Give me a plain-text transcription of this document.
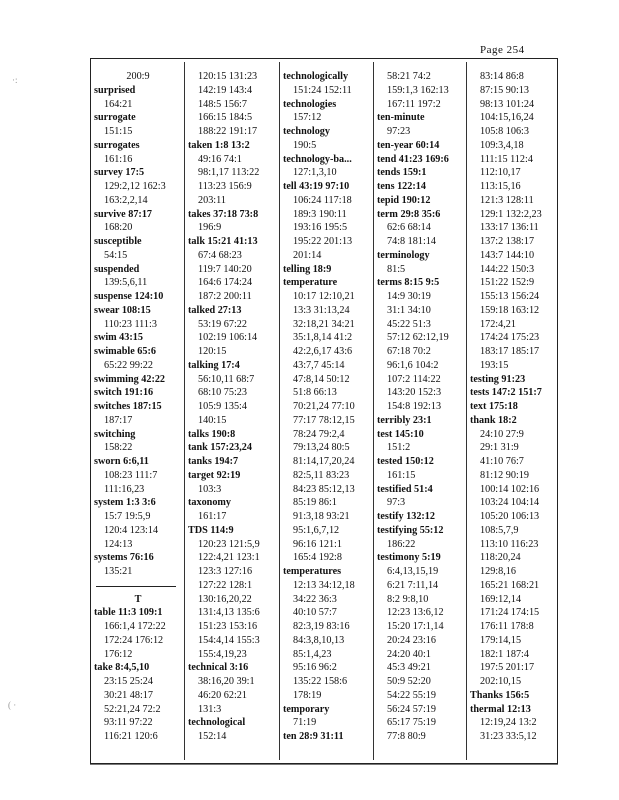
Page 254
200:9
surprised
164:21
surrogate
151:15
surrogates
161:16
survey 17:5
129:2,12 162:3
163:2,2,14
survive 87:17
168:20
susceptible
54:15
suspended
139:5,6,11
suspense 124:10
swear 108:15
110:23 111:3
swim 43:15
swimable 65:6
65:22 99:22
swimming 42:22
switch 191:16
switches 187:15
187:17
switching
158:22
sworn 6:6,11
108:23 111:7
111:16,23
system 1:3 3:6
15:7 19:5,9
120:4 123:14
124:13
systems 76:16
135:21
T
table 11:3 109:1
166:1,4 172:22
172:24 176:12
176:12
take 8:4,5,10
23:15 25:24
30:21 48:17
52:21,24 72:2
93:11 97:22
116:21 120:6
120:15 131:23
142:19 143:4
148:5 156:7
166:15 184:5
188:22 191:17
taken 1:8 13:2
49:16 74:1
98:1,17 113:22
113:23 156:9
203:11
takes 37:18 73:8
196:9
talk 15:21 41:13
67:4 68:23
119:7 140:20
164:6 174:24
187:2 200:11
talked 27:13
53:19 67:22
102:19 106:14
120:15
talking 17:4
56:10,11 68:7
68:10 75:23
105:9 135:4
140:15
talks 190:8
tank 157:23,24
tanks 194:7
target 92:19
103:3
taxonomy
161:17
TDS 114:9
120:23 121:5,9
122:4,21 123:1
123:3 127:16
127:22 128:1
130:16,20,22
131:4,13 135:6
151:23 153:16
154:4,14 155:3
155:4,19,23
technical 3:16
38:16,20 39:1
46:20 62:21
131:3
technological
152:14
technologically
151:24 152:11
technologies
157:12
technology
190:5
technology-ba...
127:1,3,10
tell 43:19 97:10
106:24 117:18
189:3 190:11
193:16 195:5
195:22 201:13
201:14
telling 18:9
temperature
10:17 12:10,21
13:3 31:13,24
32:18,21 34:21
35:1,8,14 41:2
42:2,6,17 43:6
43:7,7 45:14
47:8,14 50:12
51:8 66:13
70:21,24 77:10
77:17 78:12,15
78:24 79:2,4
79:13,24 80:5
81:14,17,20,24
82:5,11 83:23
84:23 85:12,13
85:19 86:1
91:3,18 93:21
95:1,6,7,12
96:16 121:1
165:4 192:8
temperatures
12:13 34:12,18
34:22 36:3
40:10 57:7
82:3,19 83:16
84:3,8,10,13
85:1,4,23
95:16 96:2
135:22 158:6
178:19
temporary
71:19
ten 28:9 31:11
58:21 74:2
159:1,3 162:13
167:11 197:2
ten-minute
97:23
ten-year 60:14
tend 41:23 169:6
tends 159:1
tens 122:14
tepid 190:12
term 29:8 35:6
62:6 68:14
74:8 181:14
terminology
81:5
terms 8:15 9:5
14:9 30:19
31:1 34:10
45:22 51:3
57:12 62:12,19
67:18 70:2
96:1,6 104:2
107:2 114:22
143:20 152:3
154:8 192:13
terribly 23:1
test 145:10
151:2
tested 150:12
161:15
testified 51:4
97:3
testify 132:12
testifying 55:12
186:22
testimony 5:19
6:4,13,15,19
6:21 7:11,14
8:2 9:8,10
12:23 13:6,12
15:20 17:1,14
20:24 23:16
24:20 40:1
45:3 49:21
50:9 52:20
54:22 55:19
56:24 57:19
65:17 75:19
77:8 80:9
83:14 86:8
87:15 90:13
98:13 101:24
104:15,16,24
105:8 106:3
109:3,4,18
111:15 112:4
112:10,17
113:15,16
121:3 128:11
129:1 132:2,23
133:17 136:11
137:2 138:17
143:7 144:10
144:22 150:3
151:22 152:9
155:13 156:24
159:18 163:12
172:4,21
174:24 175:23
183:17 185:17
193:15
testing 91:23
tests 147:2 151:7
text 175:18
thank 18:2
24:10 27:9
29:1 31:9
41:10 76:7
81:12 90:19
100:14 102:16
103:24 104:14
105:20 106:13
108:5,7,9
113:10 116:23
118:20,24
129:8,16
165:21 168:21
169:12,14
171:24 174:15
176:11 178:8
179:14,15
182:1 187:4
197:5 201:17
202:10,15
Thanks 156:5
thermal 12:13
12:19,24 13:2
31:23 33:5,12
·:
( ·
